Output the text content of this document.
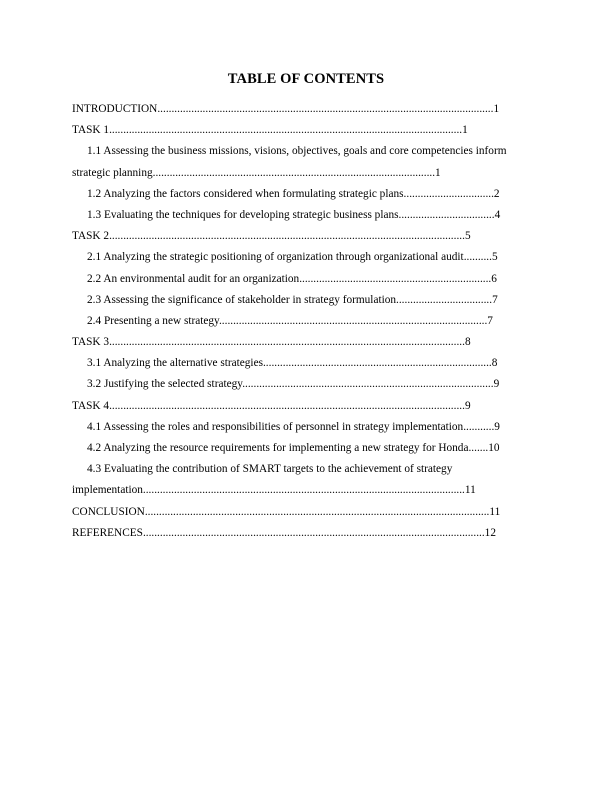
TABLE OF CONTENTS
INTRODUCTION.......................................................................................................................1
TASK 1.............................................................................................................................1
1.1 Assessing the business missions, visions, objectives, goals and core competencies inform
strategic planning....................................................................................................1
1.2 Analyzing the factors considered when formulating strategic plans................................2
1.3 Evaluating the techniques for developing strategic business plans..................................4
TASK 2..............................................................................................................................5
2.1 Analyzing the strategic positioning of organization through organizational audit..........5
2.2 An environmental audit for an organization....................................................................6
2.3 Assessing the significance of stakeholder in strategy formulation..................................7
2.4 Presenting a new strategy...............................................................................................7
TASK 3..............................................................................................................................8
3.1 Analyzing the alternative strategies.................................................................................8
3.2 Justifying the selected strategy.........................................................................................9
TASK 4..............................................................................................................................9
4.1 Assessing the roles and responsibilities of personnel in strategy implementation...........9
4.2 Analyzing the resource requirements for implementing a new strategy for Honda.......10
4.3 Evaluating the contribution of SMART targets to the achievement of strategy
implementation..................................................................................................................11
CONCLUSION..........................................................................................................................11
REFERENCES.........................................................................................................................12
